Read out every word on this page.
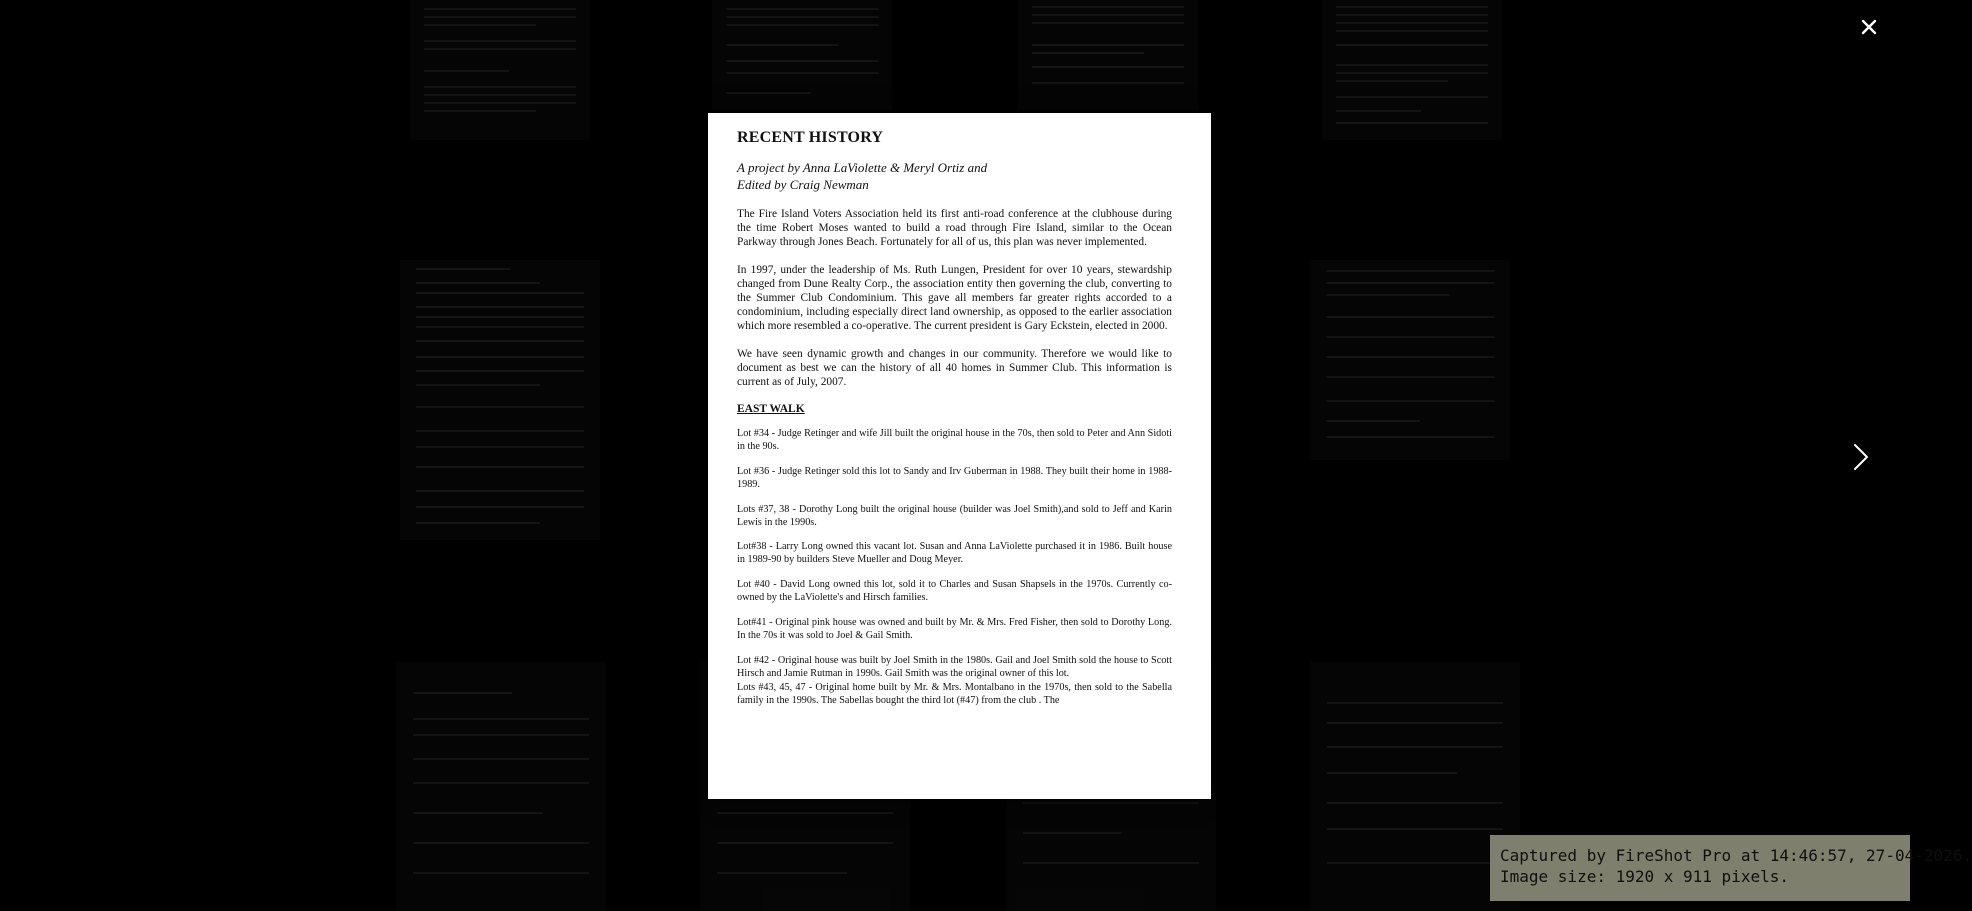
RECENT HISTORY
A project by Anna LaViolette & Meryl Ortiz and
Edited by Craig Newman

The Fire Island Voters Association held its first anti-road conference at the clubhouse during the time Robert Moses wanted to build a road through Fire Island, similar to the Ocean Parkway through Jones Beach. Fortunately for all of us, this plan was never implemented.

In 1997, under the leadership of Ms. Ruth Lungen, President for over 10 years, stewardship changed from Dune Realty Corp., the association entity then governing the club, converting to the Summer Club Condominium. This gave all members far greater rights accorded to a condominium, including especially direct land ownership, as opposed to the earlier association which more resembled a co-operative. The current president is Gary Eckstein, elected in 2000.

We have seen dynamic growth and changes in our community. Therefore we would like to document as best we can the history of all 40 homes in Summer Club. This information is current as of July, 2007.

EAST WALK

Lot #34 - Judge Retinger and wife Jill built the original house in the 70s, then sold to Peter and Ann Sidoti in the 90s.

Lot #36 - Judge Retinger sold this lot to Sandy and Irv Guberman in 1988. They built their home in 1988-1989.

Lots #37, 38 - Dorothy Long built the original house (builder was Joel Smith),and sold to Jeff and Karin Lewis in the 1990s.

Lot#38 - Larry Long owned this vacant lot. Susan and Anna LaViolette purchased it in 1986. Built house in 1989-90 by builders Steve Mueller and Doug Meyer.

Lot #40 - David Long owned this lot, sold it to Charles and Susan Shapsels in the 1970s. Currently co-owned by the LaViolette's and Hirsch families.

Lot#41 - Original pink house was owned and built by Mr. & Mrs. Fred Fisher, then sold to Dorothy Long. In the 70s it was sold to Joel & Gail Smith.

Lot #42 - Original house was built by Joel Smith in the 1980s. Gail and Joel Smith sold the house to Scott Hirsch and Jamie Rutman in 1990s. Gail Smith was the original owner of this lot.

Lots #43, 45, 47 - Original home built by Mr. & Mrs. Montalbano in the 1970s, then sold to the Sabella family in the 1990s. The Sabellas bought the third lot (#47) from the club . The

Captured by FireShot Pro at 14:46:57, 27-04-2026.
Image size: 1920 x 911 pixels.
